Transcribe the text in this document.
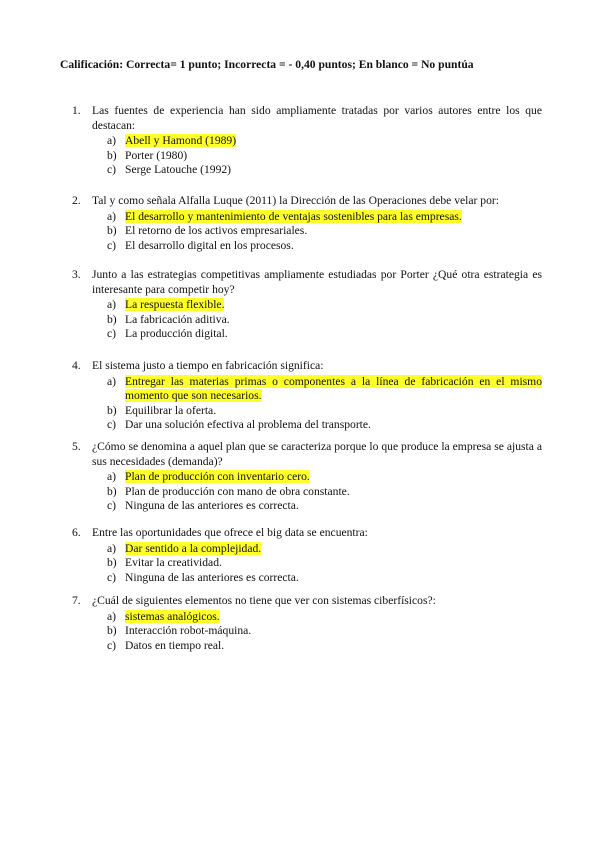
Calificación: Correcta= 1 punto; Incorrecta = - 0,40 puntos; En blanco = No puntúa
1. Las fuentes de experiencia han sido ampliamente tratadas por varios autores entre los que destacan:
a) Abell y Hamond (1989)
b) Porter (1980)
c) Serge Latouche (1992)
2. Tal y como señala Alfalla Luque (2011) la Dirección de las Operaciones debe velar por:
a) El desarrollo y mantenimiento de ventajas sostenibles para las empresas.
b) El retorno de los activos empresariales.
c) El desarrollo digital en los procesos.
3. Junto a las estrategias competitivas ampliamente estudiadas por Porter ¿Qué otra estrategia es interesante para competir hoy?
a) La respuesta flexible.
b) La fabricación aditiva.
c) La producción digital.
4. El sistema justo a tiempo en fabricación significa:
a) Entregar las materias primas o componentes a la línea de fabricación en el mismo momento que son necesarios.
b) Equilibrar la oferta.
c) Dar una solución efectiva al problema del transporte.
5. ¿Cómo se denomina a aquel plan que se caracteriza porque lo que produce la empresa se ajusta a sus necesidades (demanda)?
a) Plan de producción con inventario cero.
b) Plan de producción con mano de obra constante.
c) Ninguna de las anteriores es correcta.
6. Entre las oportunidades que ofrece el big data se encuentra:
a) Dar sentido a la complejidad.
b) Evitar la creatividad.
c) Ninguna de las anteriores es correcta.
7. ¿Cuál de siguientes elementos no tiene que ver con sistemas ciberfísicos?:
a) sistemas analógicos.
b) Interacción robot-máquina.
c) Datos en tiempo real.
